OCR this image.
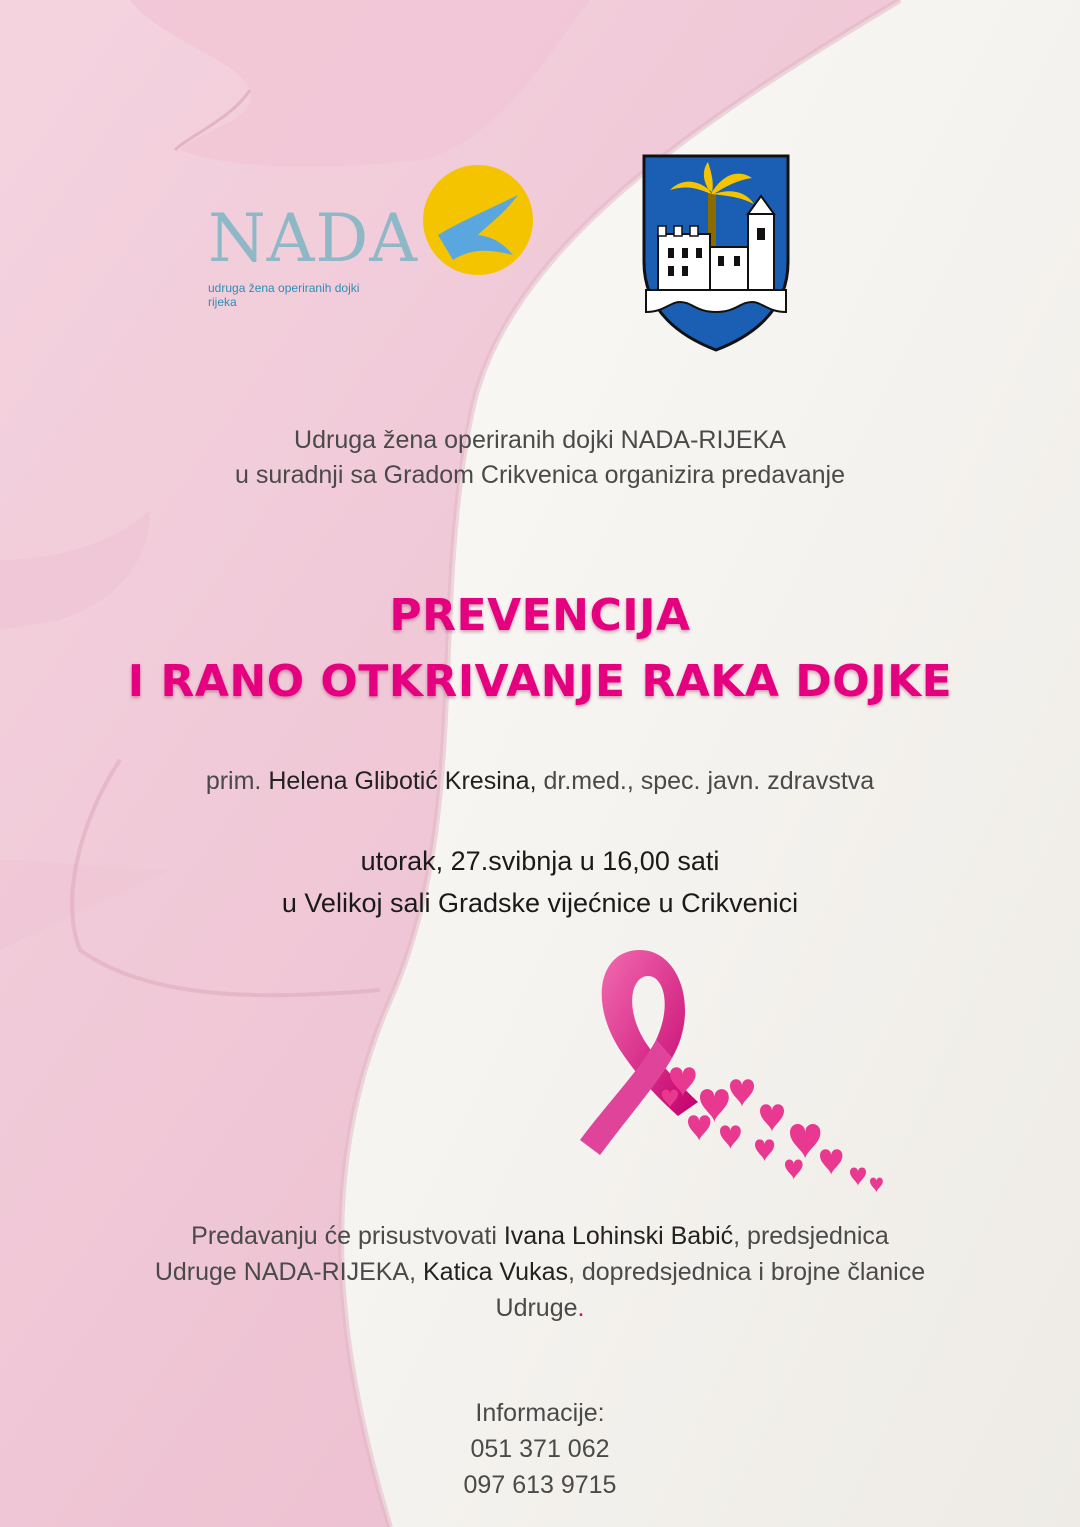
NADA
udruga žena operiranih dojki
rijeka
Udruga žena operiranih dojki NADA-RIJEKA
u suradnji sa Gradom Crikvenica organizira predavanje
PREVENCIJA
I RANO OTKRIVANJE RAKA DOJKE
prim. Helena Glibotić Kresina, dr.med., spec. javn. zdravstva
utorak, 27.svibnja u 16,00 sati
u Velikoj sali Gradske vijećnice u Crikvenici
Predavanju će prisustvovati Ivana Lohinski Babić, predsjednica
Udruge NADA-RIJEKA, Katica Vukas, dopredsjednica i brojne članice
Udruge.
Informacije:
051 371 062
097 613 9715
